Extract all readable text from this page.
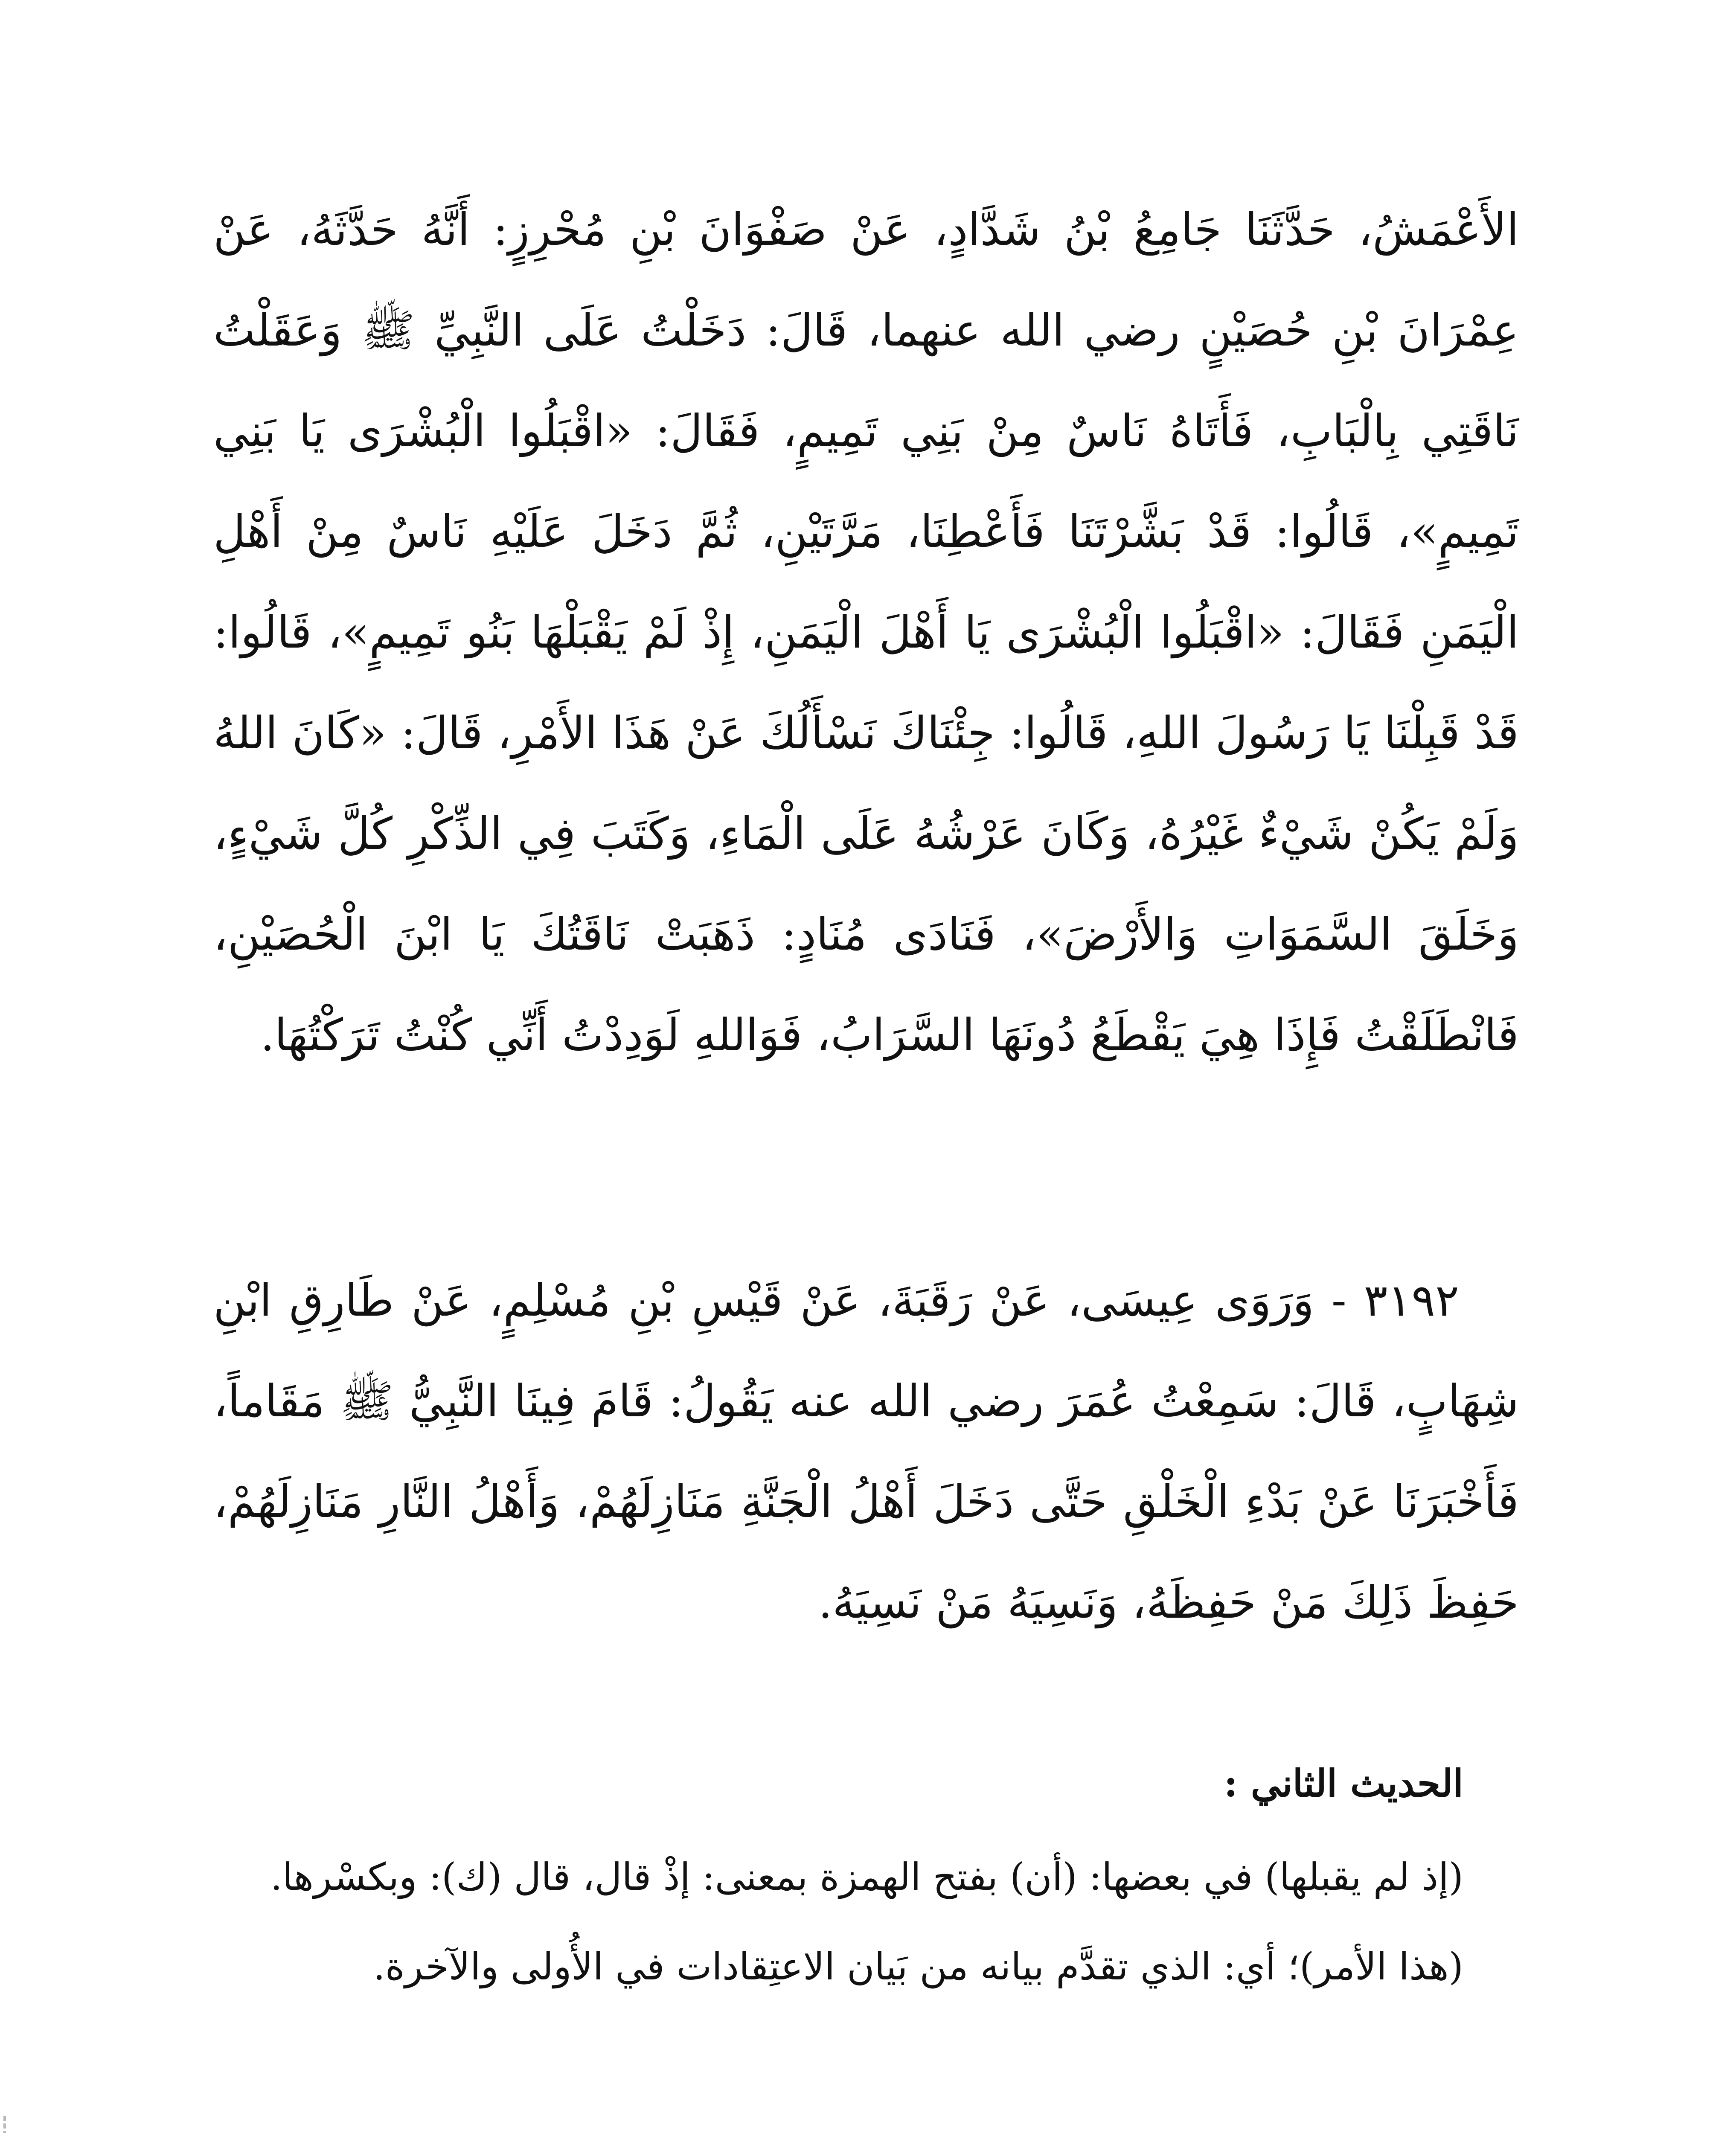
الأَعْمَشُ، حَدَّثَنَا جَامِعُ بْنُ شَدَّادٍ، عَنْ صَفْوَانَ بْنِ مُحْرِزٍ: أَنَّهُ حَدَّثَهُ، عَنْ عِمْرَانَ بْنِ حُصَيْنٍ رضي الله عنهما، قَالَ: دَخَلْتُ عَلَى النَّبِيِّ ﷺ وَعَقَلْتُ نَاقَتِي بِالْبَابِ، فَأَتَاهُ نَاسٌ مِنْ بَنِي تَمِيمٍ، فَقَالَ: «اقْبَلُوا الْبُشْرَى يَا بَنِي تَمِيمٍ»، قَالُوا: قَدْ بَشَّرْتَنَا فَأَعْطِنَا، مَرَّتَيْنِ، ثُمَّ دَخَلَ عَلَيْهِ نَاسٌ مِنْ أَهْلِ الْيَمَنِ فَقَالَ: «اقْبَلُوا الْبُشْرَى يَا أَهْلَ الْيَمَنِ، إِذْ لَمْ يَقْبَلْهَا بَنُو تَمِيمٍ»، قَالُوا: قَدْ قَبِلْنَا يَا رَسُولَ اللهِ، قَالُوا: جِئْنَاكَ نَسْأَلُكَ عَنْ هَذَا الأَمْرِ، قَالَ: «كَانَ اللهُ وَلَمْ يَكُنْ شَيْءٌ غَيْرُهُ، وَكَانَ عَرْشُهُ عَلَى الْمَاءِ، وَكَتَبَ فِي الذِّكْرِ كُلَّ شَيْءٍ، وَخَلَقَ السَّمَوَاتِ وَالأَرْضَ»، فَنَادَى مُنَادٍ: ذَهَبَتْ نَاقَتُكَ يَا ابْنَ الْحُصَيْنِ، فَانْطَلَقْتُ فَإِذَا هِيَ يَقْطَعُ دُونَهَا السَّرَابُ، فَوَاللهِ لَوَدِدْتُ أَنِّي كُنْتُ تَرَكْتُهَا.

٣١٩٢ - وَرَوَى عِيسَى، عَنْ رَقَبَةَ، عَنْ قَيْسِ بْنِ مُسْلِمٍ، عَنْ طَارِقِ ابْنِ شِهَابٍ، قَالَ: سَمِعْتُ عُمَرَ رضي الله عنه يَقُولُ: قَامَ فِينَا النَّبِيُّ ﷺ مَقَاماً، فَأَخْبَرَنَا عَنْ بَدْءِ الْخَلْقِ حَتَّى دَخَلَ أَهْلُ الْجَنَّةِ مَنَازِلَهُمْ، وَأَهْلُ النَّارِ مَنَازِلَهُمْ، حَفِظَ ذَلِكَ مَنْ حَفِظَهُ، وَنَسِيَهُ مَنْ نَسِيَهُ.

الحديث الثاني :

(إذ لم يقبلها) في بعضها: (أن) بفتح الهمزة بمعنى: إذْ قال، قال (ك): وبكسْرها.

(هذا الأمر)؛ أي: الذي تقدَّم بيانه من بَيان الاعتِقادات في الأُولى والآخرة.
